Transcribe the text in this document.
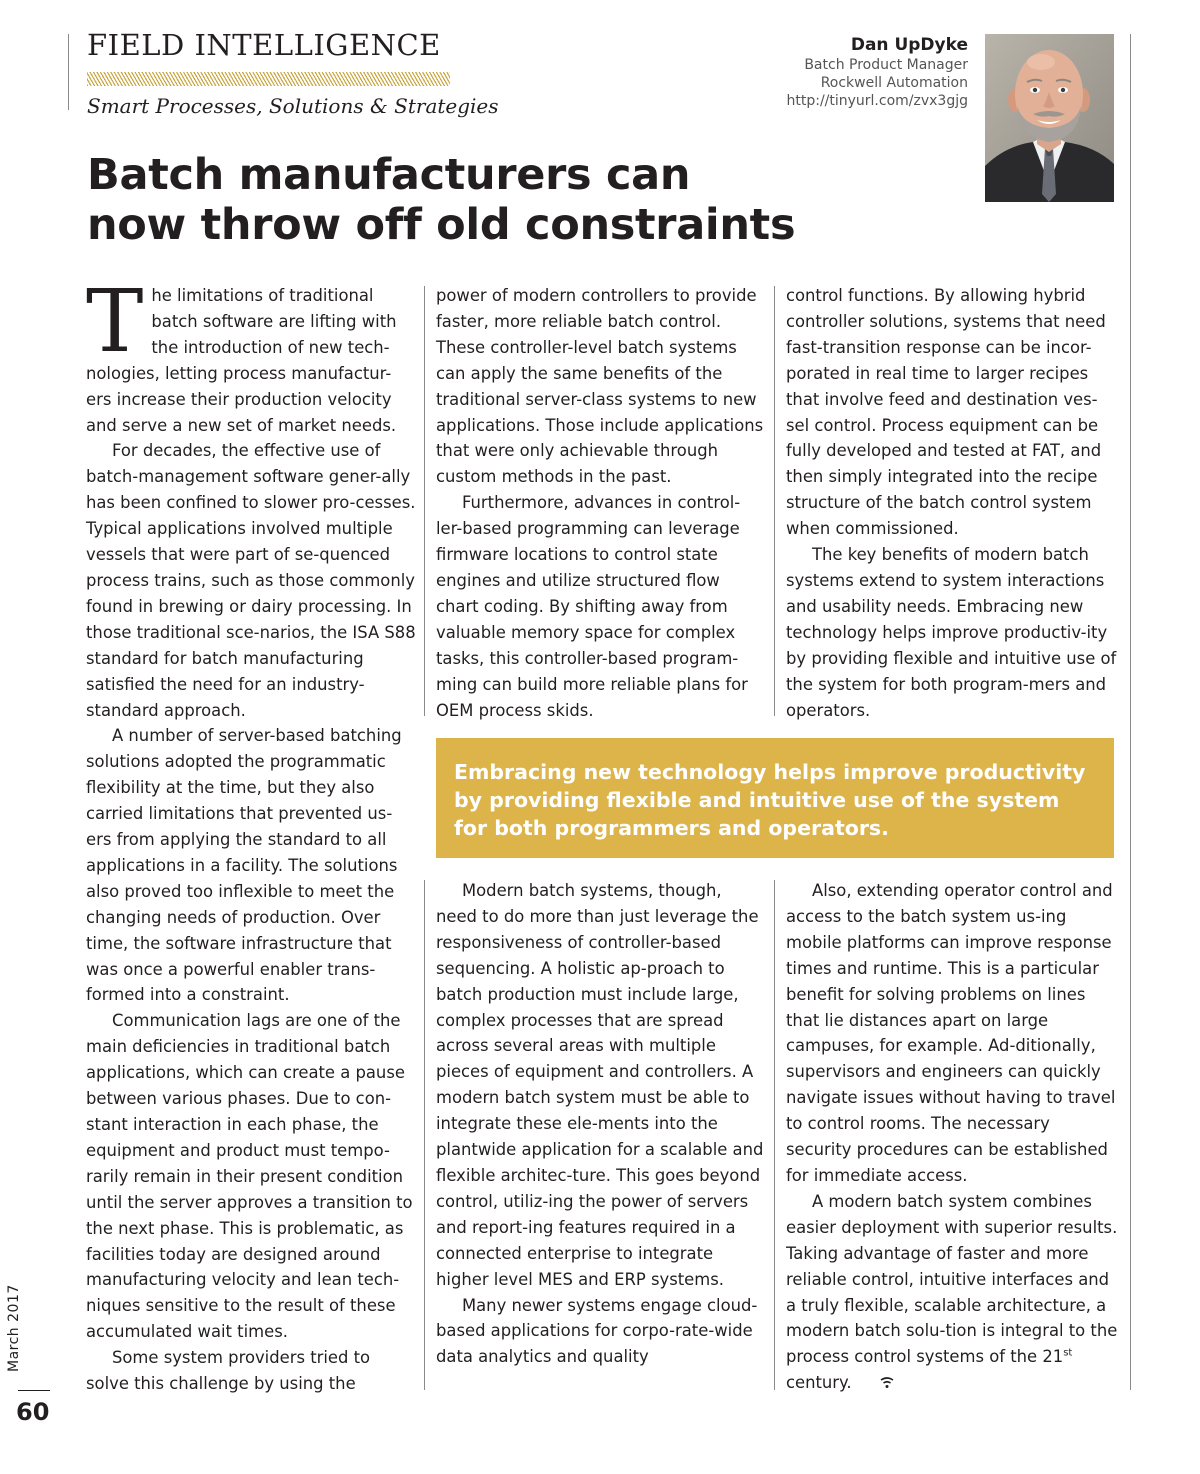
FIELD INTELLIGENCE
Smart Processes, Solutions & Strategies
Dan UpDyke
Batch Product Manager
Rockwell Automation
http://tinyurl.com/zvx3gjg
Batch manufacturers can
now throw off old constraints

The limitations of traditional batch software are lifting with the introduction of new tech-nologies, letting process manufactur-ers increase their production velocity and serve a new set of market needs.

For decades, the effective use of batch-management software gener-ally has been confined to slower pro-cesses. Typical applications involved multiple vessels that were part of se-quenced process trains, such as those commonly found in brewing or dairy processing. In those traditional sce-narios, the ISA S88 standard for batch manufacturing satisfied the need for an industry-standard approach.

A number of server-based batching solutions adopted the programmatic flexibility at the time, but they also carried limitations that prevented us-ers from applying the standard to all applications in a facility. The solutions also proved too inflexible to meet the changing needs of production. Over time, the software infrastructure that was once a powerful enabler trans-formed into a constraint.

Communication lags are one of the main deficiencies in traditional batch applications, which can create a pause between various phases. Due to con-stant interaction in each phase, the equipment and product must tempo-rarily remain in their present condition until the server approves a transition to the next phase. This is problematic, as facilities today are designed around manufacturing velocity and lean tech-niques sensitive to the result of these accumulated wait times.

Some system providers tried to solve this challenge by using the

power of modern controllers to provide faster, more reliable batch control. These controller-level batch systems can apply the same benefits of the traditional server-class systems to new applications. Those include applications that were only achievable through custom methods in the past.

Furthermore, advances in control-ler-based programming can leverage firmware locations to control state engines and utilize structured flow chart coding. By shifting away from valuable memory space for complex tasks, this controller-based program-ming can build more reliable plans for OEM process skids.

control functions. By allowing hybrid controller solutions, systems that need fast-transition response can be incor-porated in real time to larger recipes that involve feed and destination ves-sel control. Process equipment can be fully developed and tested at FAT, and then simply integrated into the recipe structure of the batch control system when commissioned.

The key benefits of modern batch systems extend to system interactions and usability needs. Embracing new technology helps improve productiv-ity by providing flexible and intuitive use of the system for both program-mers and operators.

Embracing new technology helps improve productivity
by providing flexible and intuitive use of the system
for both programmers and operators.

Modern batch systems, though, need to do more than just leverage the responsiveness of controller-based sequencing. A holistic ap-proach to batch production must include large, complex processes that are spread across several areas with multiple pieces of equipment and controllers. A modern batch system must be able to integrate these ele-ments into the plantwide application for a scalable and flexible architec-ture. This goes beyond control, utiliz-ing the power of servers and report-ing features required in a connected enterprise to integrate higher level MES and ERP systems.

Many newer systems engage cloud-based applications for corpo-rate-wide data analytics and quality

Also, extending operator control and access to the batch system us-ing mobile platforms can improve response times and runtime. This is a particular benefit for solving problems on lines that lie distances apart on large campuses, for example. Ad-ditionally, supervisors and engineers can quickly navigate issues without having to travel to control rooms. The necessary security procedures can be established for immediate access.

A modern batch system combines easier deployment with superior results. Taking advantage of faster and more reliable control, intuitive interfaces and a truly flexible, scalable architecture, a modern batch solu-tion is integral to the process control systems of the 21st century.

March 2017
60
